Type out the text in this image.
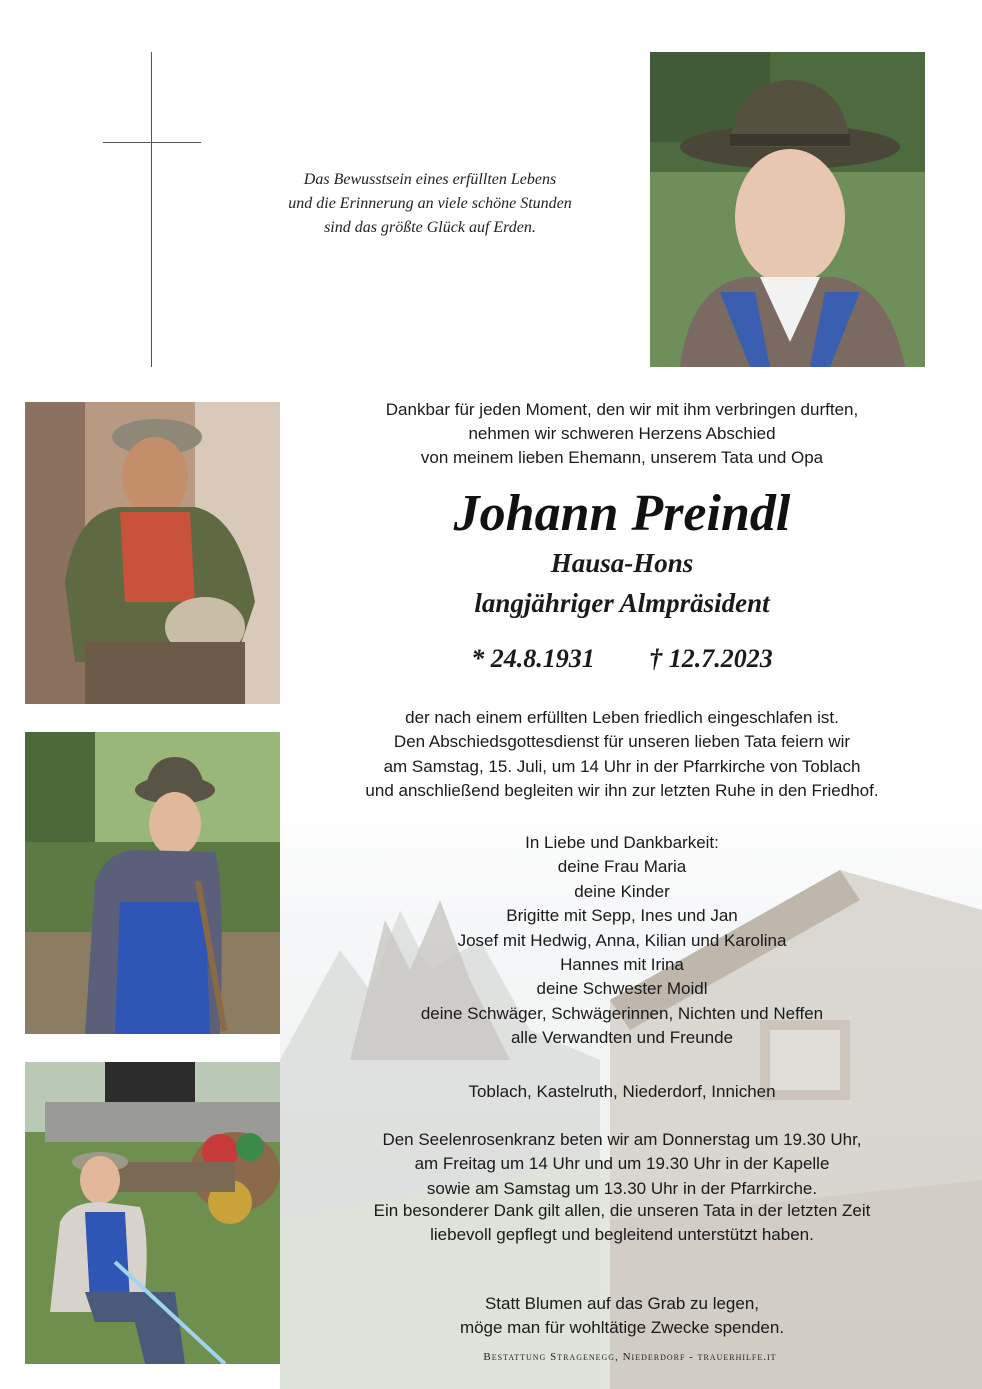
Das Bewusstsein eines erfüllten Lebens
und die Erinnerung an viele schöne Stunden
sind das größte Glück auf Erden.
Dankbar für jeden Moment, den wir mit ihm verbringen durften,
nehmen wir schweren Herzens Abschied
von meinem lieben Ehemann, unserem Tata und Opa
Johann Preindl
Hausa-Hons
langjähriger Almpräsident
* 24.8.1931 † 12.7.2023
der nach einem erfüllten Leben friedlich eingeschlafen ist.
Den Abschiedsgottesdienst für unseren lieben Tata feiern wir
am Samstag, 15. Juli, um 14 Uhr in der Pfarrkirche von Toblach
und anschließend begleiten wir ihn zur letzten Ruhe in den Friedhof.
In Liebe und Dankbarkeit:
deine Frau Maria
deine Kinder
Brigitte mit Sepp, Ines und Jan
Josef mit Hedwig, Anna, Kilian und Karolina
Hannes mit Irina
deine Schwester Moidl
deine Schwäger, Schwägerinnen, Nichten und Neffen
alle Verwandten und Freunde
Toblach, Kastelruth, Niederdorf, Innichen
Den Seelenrosenkranz beten wir am Donnerstag um 19.30 Uhr,
am Freitag um 14 Uhr und um 19.30 Uhr in der Kapelle
sowie am Samstag um 13.30 Uhr in der Pfarrkirche.
Ein besonderer Dank gilt allen, die unseren Tata in der letzten Zeit
liebevoll gepflegt und begleitend unterstützt haben.
Statt Blumen auf das Grab zu legen,
möge man für wohltätige Zwecke spenden.
Bestattung Stragenegg, Niederdorf - trauerhilfe.it
